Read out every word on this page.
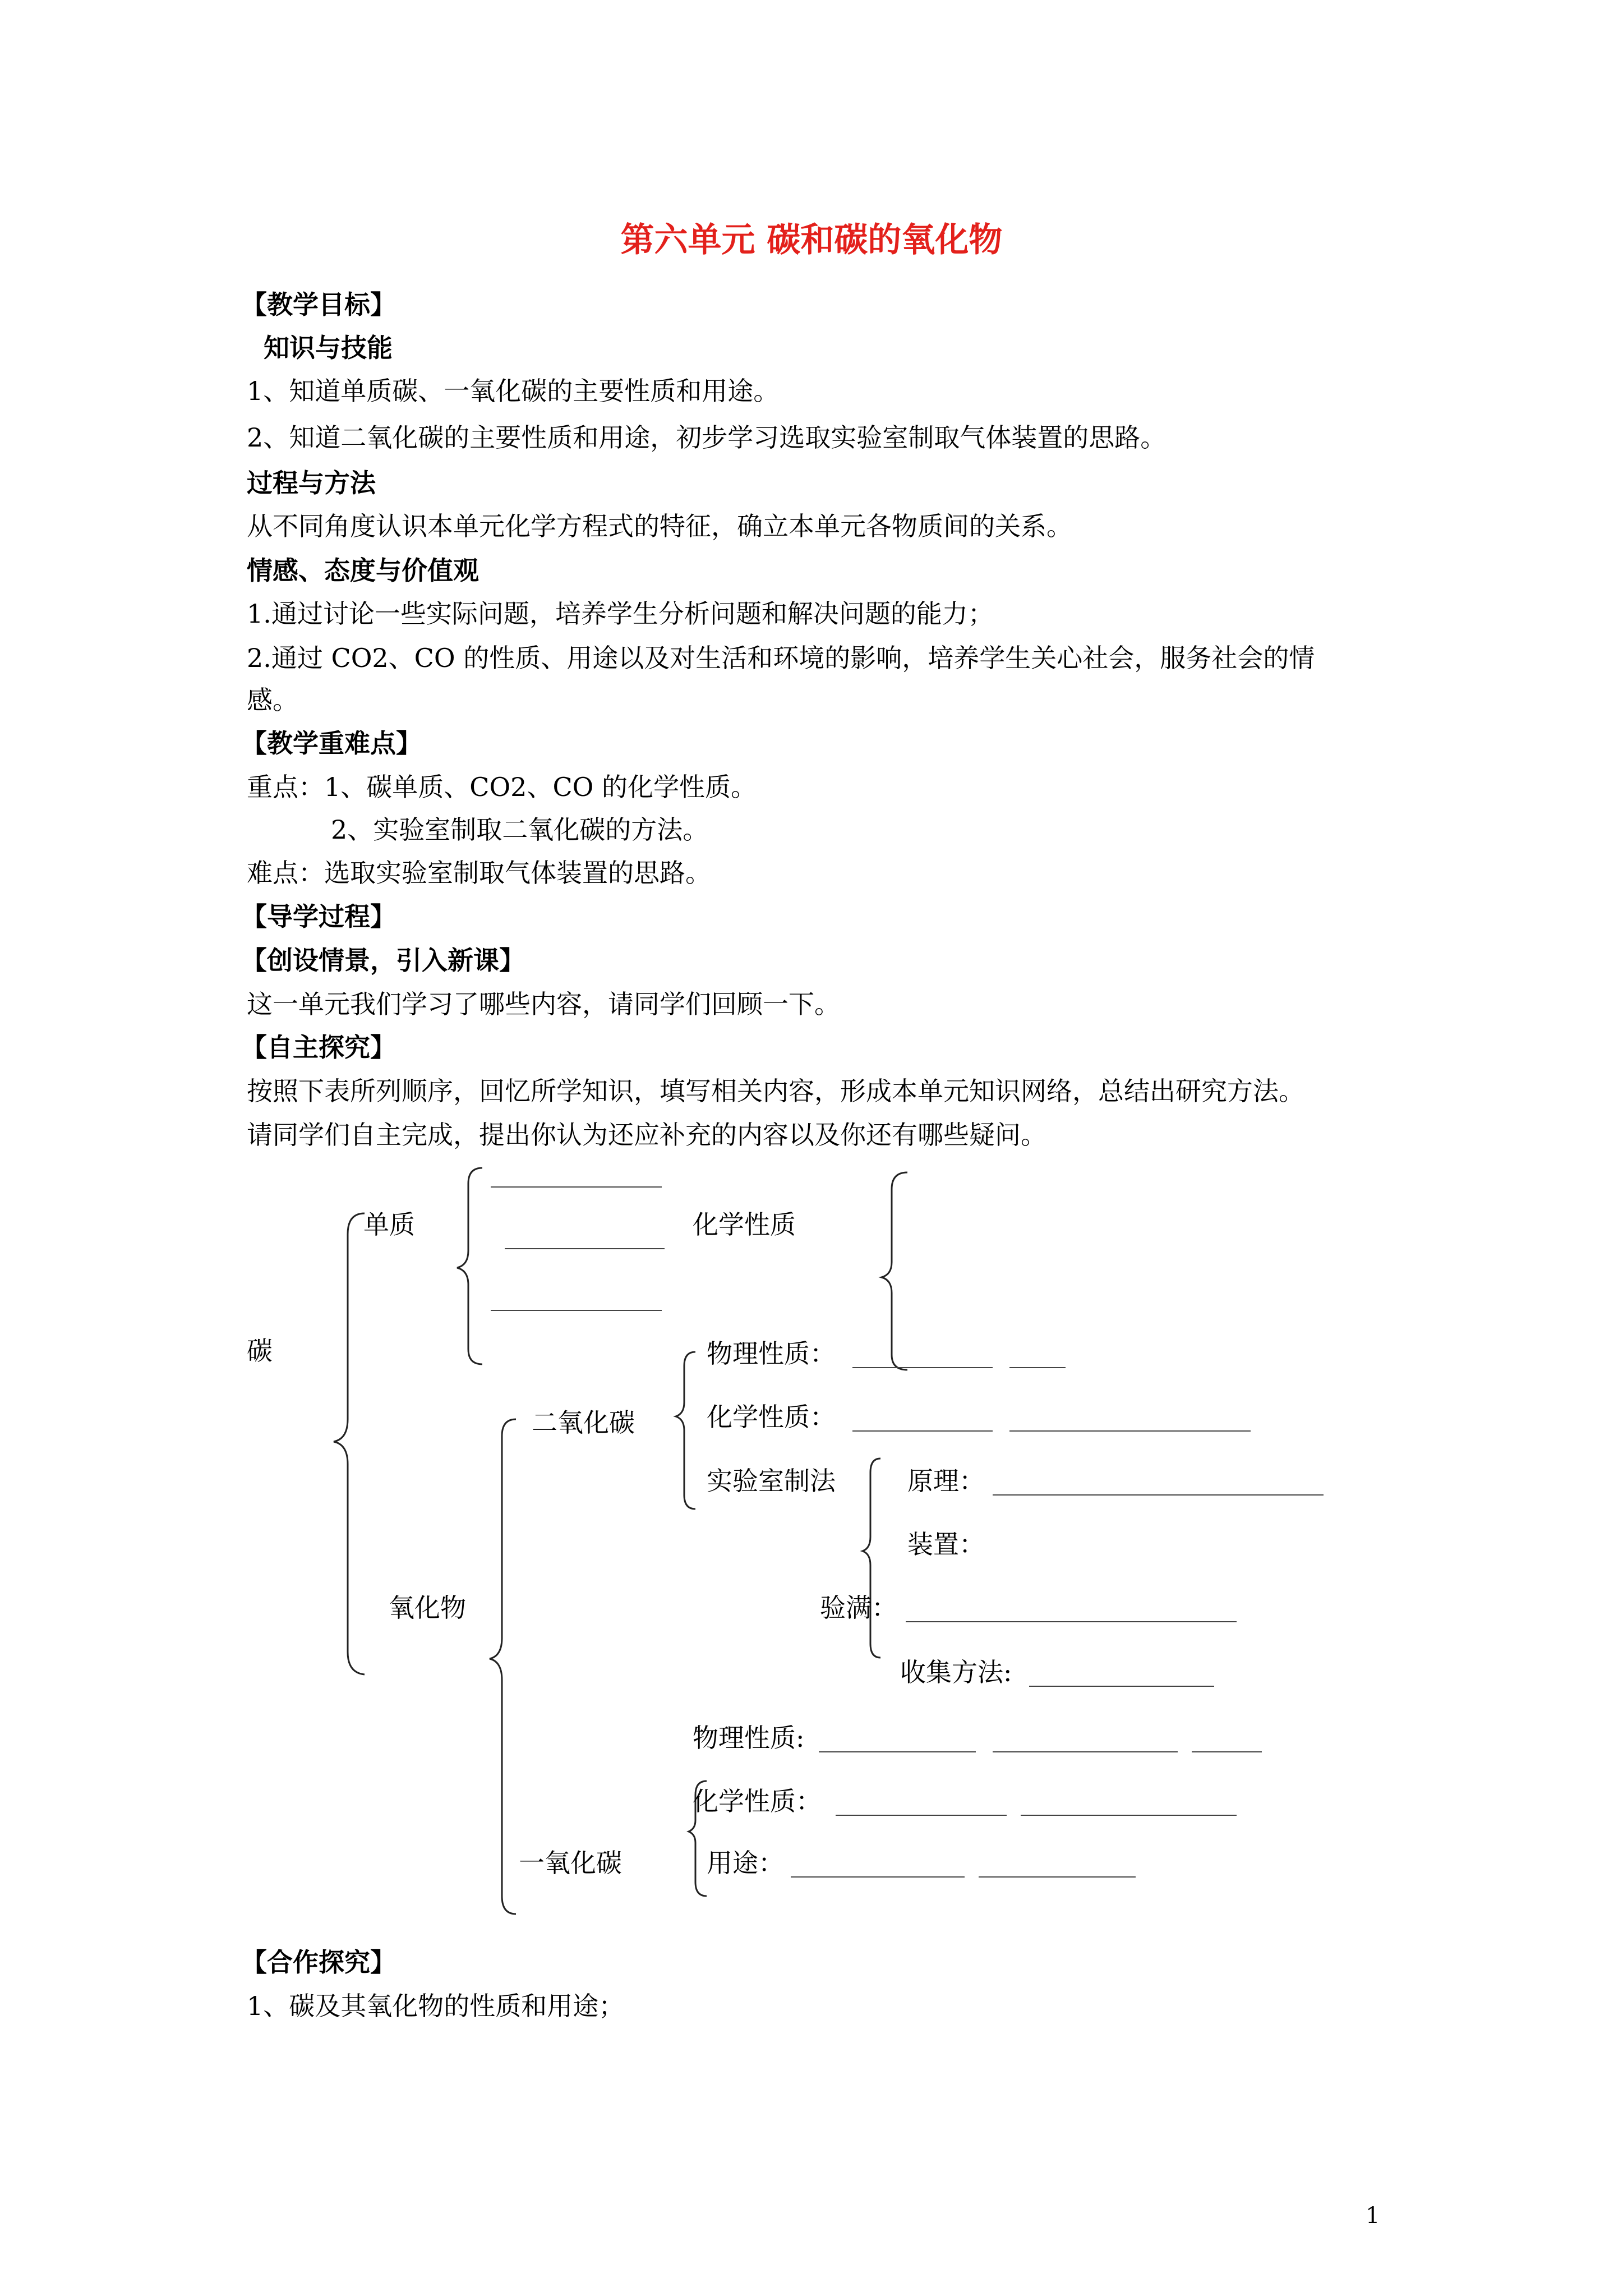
第六单元 碳和碳的氧化物
【教学目标】
知识与技能
1、知道单质碳、一氧化碳的主要性质和用途。
2、知道二氧化碳的主要性质和用途，初步学习选取实验室制取气体装置的思路。
过程与方法
从不同角度认识本单元化学方程式的特征，确立本单元各物质间的关系。
情感、态度与价值观
1.通过讨论一些实际问题，培养学生分析问题和解决问题的能力；
2.通过 CO2、CO 的性质、用途以及对生活和环境的影响，培养学生关心社会，服务社会的情
感。
【教学重难点】
重点：1、碳单质、CO2、CO 的化学性质。
2、实验室制取二氧化碳的方法。
难点：选取实验室制取气体装置的思路。
【导学过程】
【创设情景，引入新课】
这一单元我们学习了哪些内容，请同学们回顾一下。
【自主探究】
按照下表所列顺序，回忆所学知识，填写相关内容，形成本单元知识网络，总结出研究方法。
请同学们自主完成，提出你认为还应补充的内容以及你还有哪些疑问。
碳
单质	化学性质
二氧化碳
物理性质：
化学性质：
实验室制法	原理：
装置：
验满：
收集方法:
氧化物
物理性质:
化学性质：
一氧化碳	用途：
【合作探究】
1、碳及其氧化物的性质和用途；
1
